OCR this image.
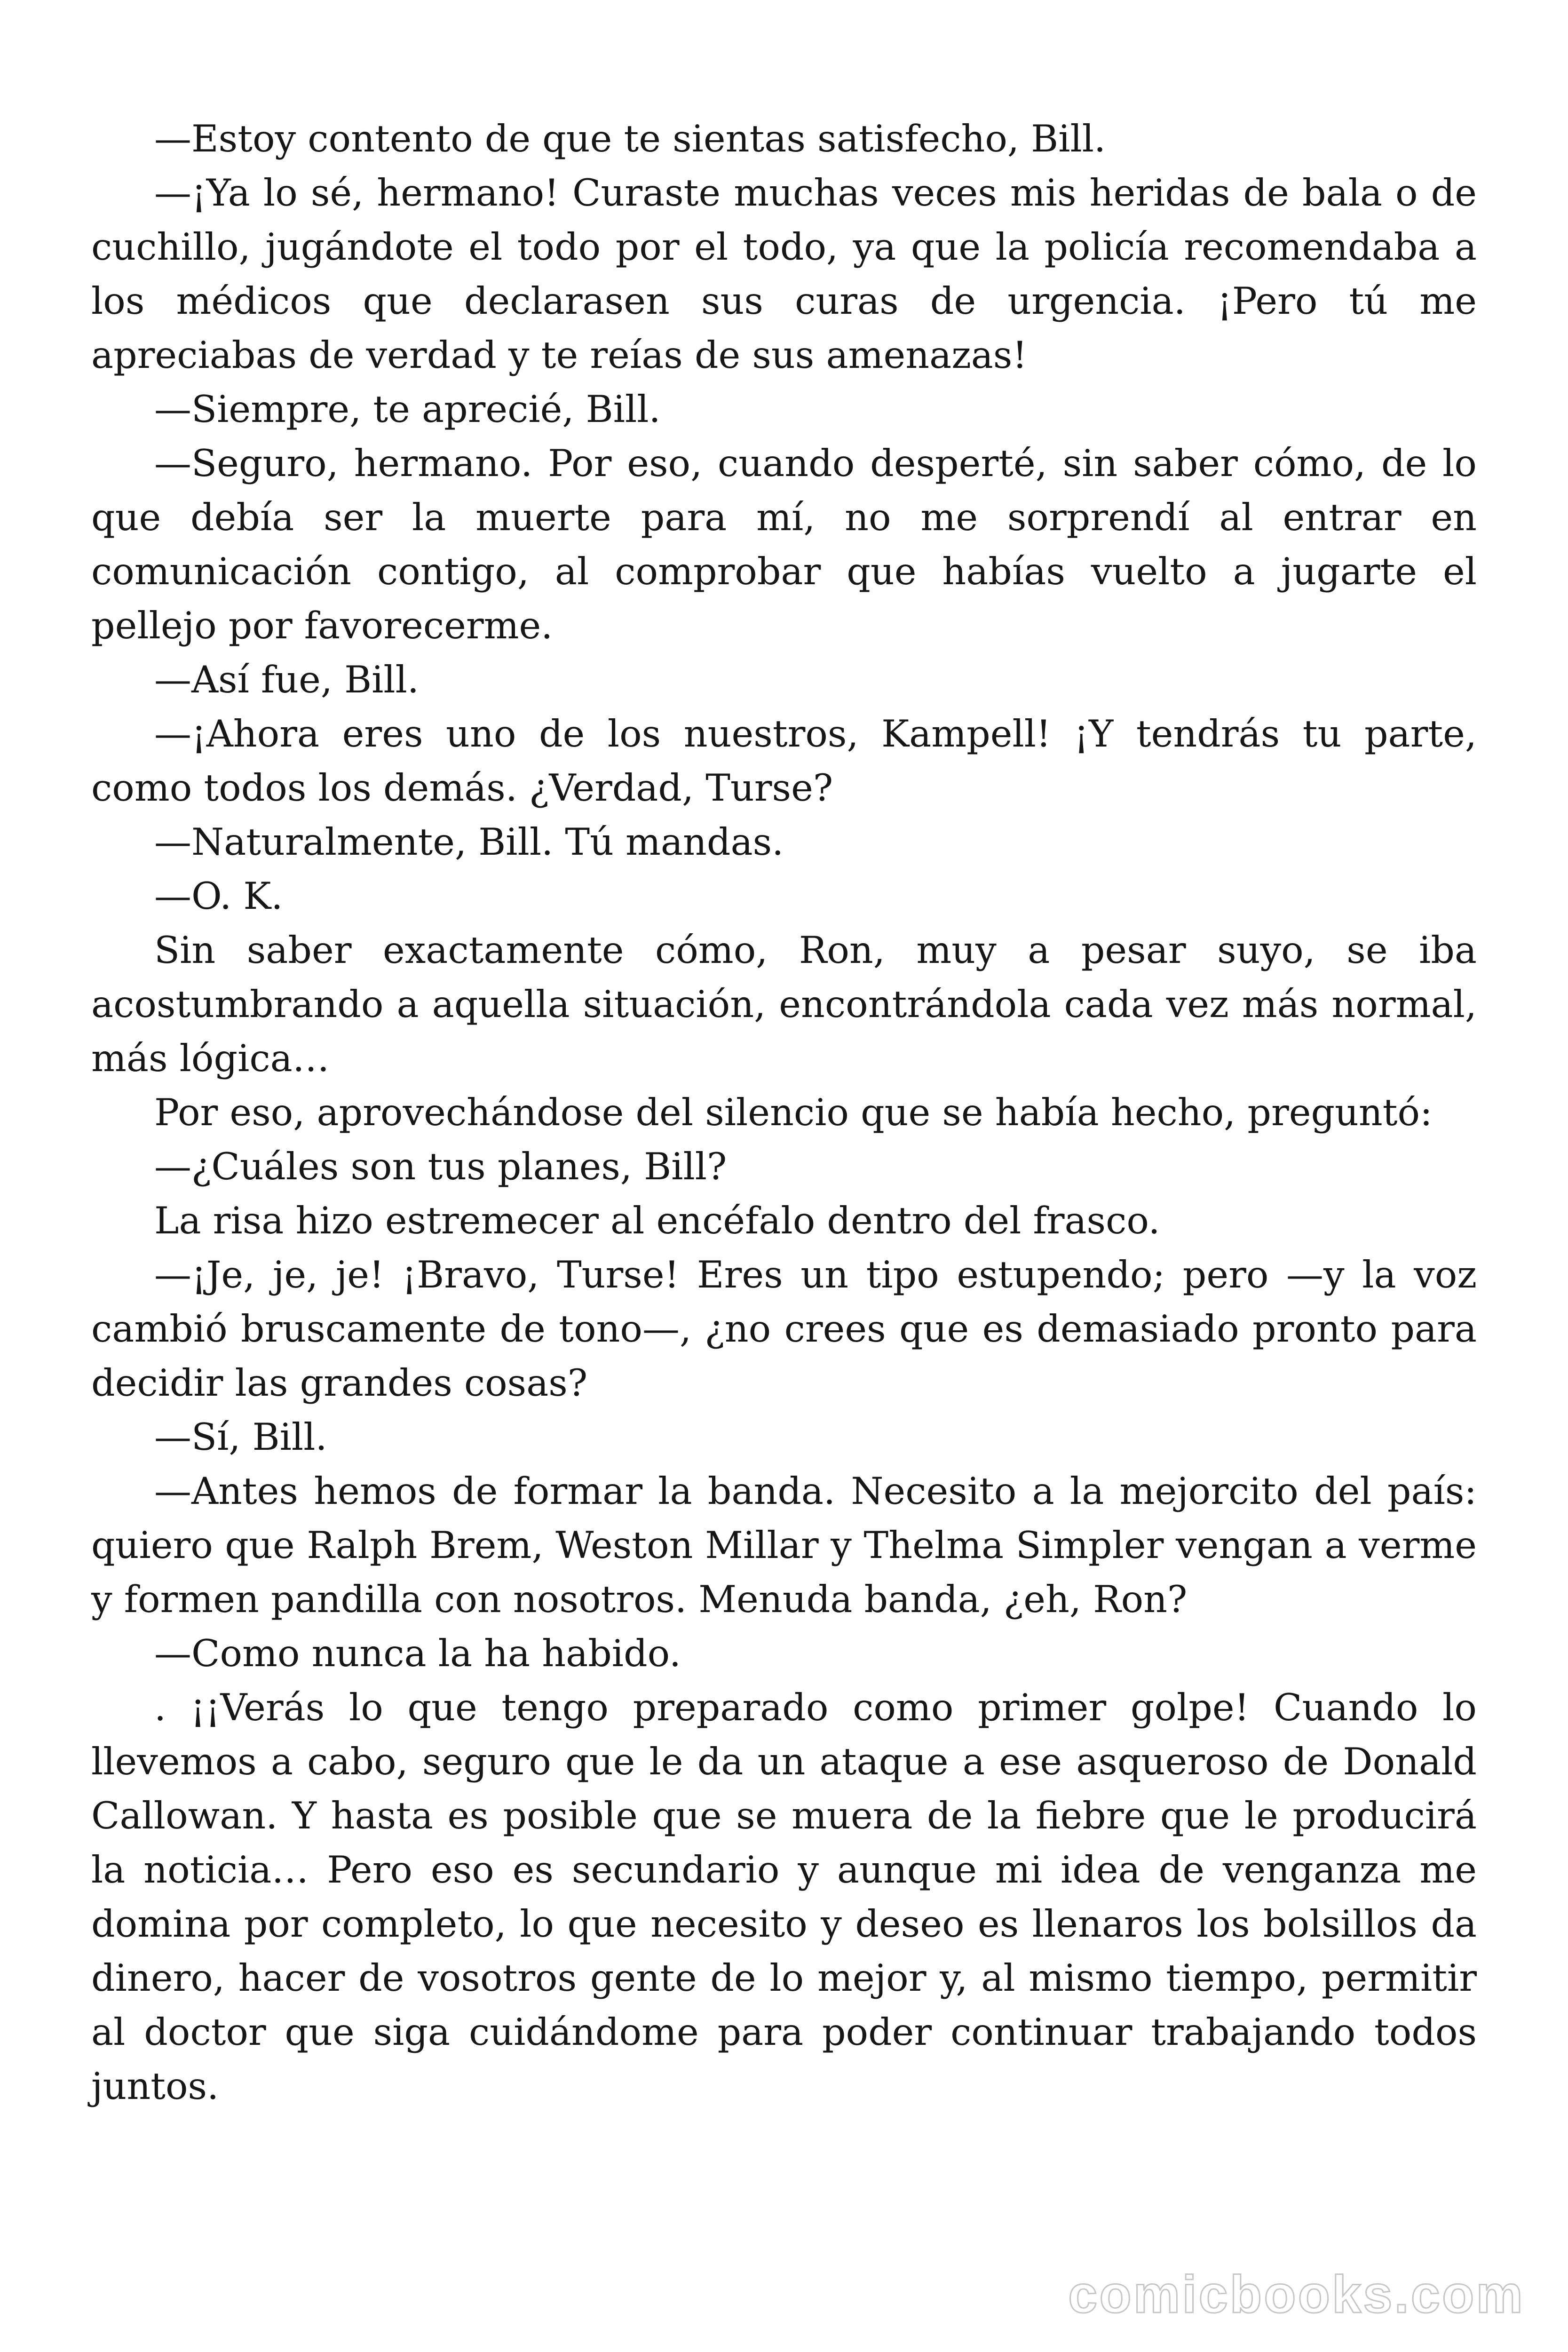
—Estoy contento de que te sientas satisfecho, Bill.

—¡Ya lo sé, hermano! Curaste muchas veces mis heridas de bala o de cuchillo, jugándote el todo por el todo, ya que la policía recomendaba a los médicos que declarasen sus curas de urgencia. ¡Pero tú me apreciabas de verdad y te reías de sus amenazas!

—Siempre, te aprecié, Bill.

—Seguro, hermano. Por eso, cuando desperté, sin saber cómo, de lo que debía ser la muerte para mí, no me sorprendí al entrar en comunicación contigo, al comprobar que habías vuelto a jugarte el pellejo por favorecerme.

—Así fue, Bill.

—¡Ahora eres uno de los nuestros, Kampell! ¡Y tendrás tu parte, como todos los demás. ¿Verdad, Turse?

—Naturalmente, Bill. Tú mandas.

—O. K.

Sin saber exactamente cómo, Ron, muy a pesar suyo, se iba acostumbrando a aquella situación, encontrándola cada vez más normal, más lógica…

Por eso, aprovechándose del silencio que se había hecho, preguntó:

—¿Cuáles son tus planes, Bill?

La risa hizo estremecer al encéfalo dentro del frasco.

—¡Je, je, je! ¡Bravo, Turse! Eres un tipo estupendo; pero —y la voz cambió bruscamente de tono—, ¿no crees que es demasiado pronto para decidir las grandes cosas?

—Sí, Bill.

—Antes hemos de formar la banda. Necesito a la mejorcito del país: quiero que Ralph Brem, Weston Millar y Thelma Simpler vengan a verme y formen pandilla con nosotros. Menuda banda, ¿eh, Ron?

—Como nunca la ha habido.

. ¡¡Verás lo que tengo preparado como primer golpe! Cuando lo llevemos a cabo, seguro que le da un ataque a ese asqueroso de Donald Callowan. Y hasta es posible que se muera de la fiebre que le producirá la noticia… Pero eso es secundario y aunque mi idea de venganza me domina por completo, lo que necesito y deseo es llenaros los bolsillos da dinero, hacer de vosotros gente de lo mejor y, al mismo tiempo, permitir al doctor que siga cuidándome para poder continuar trabajando todos juntos.

comicbooks.com
